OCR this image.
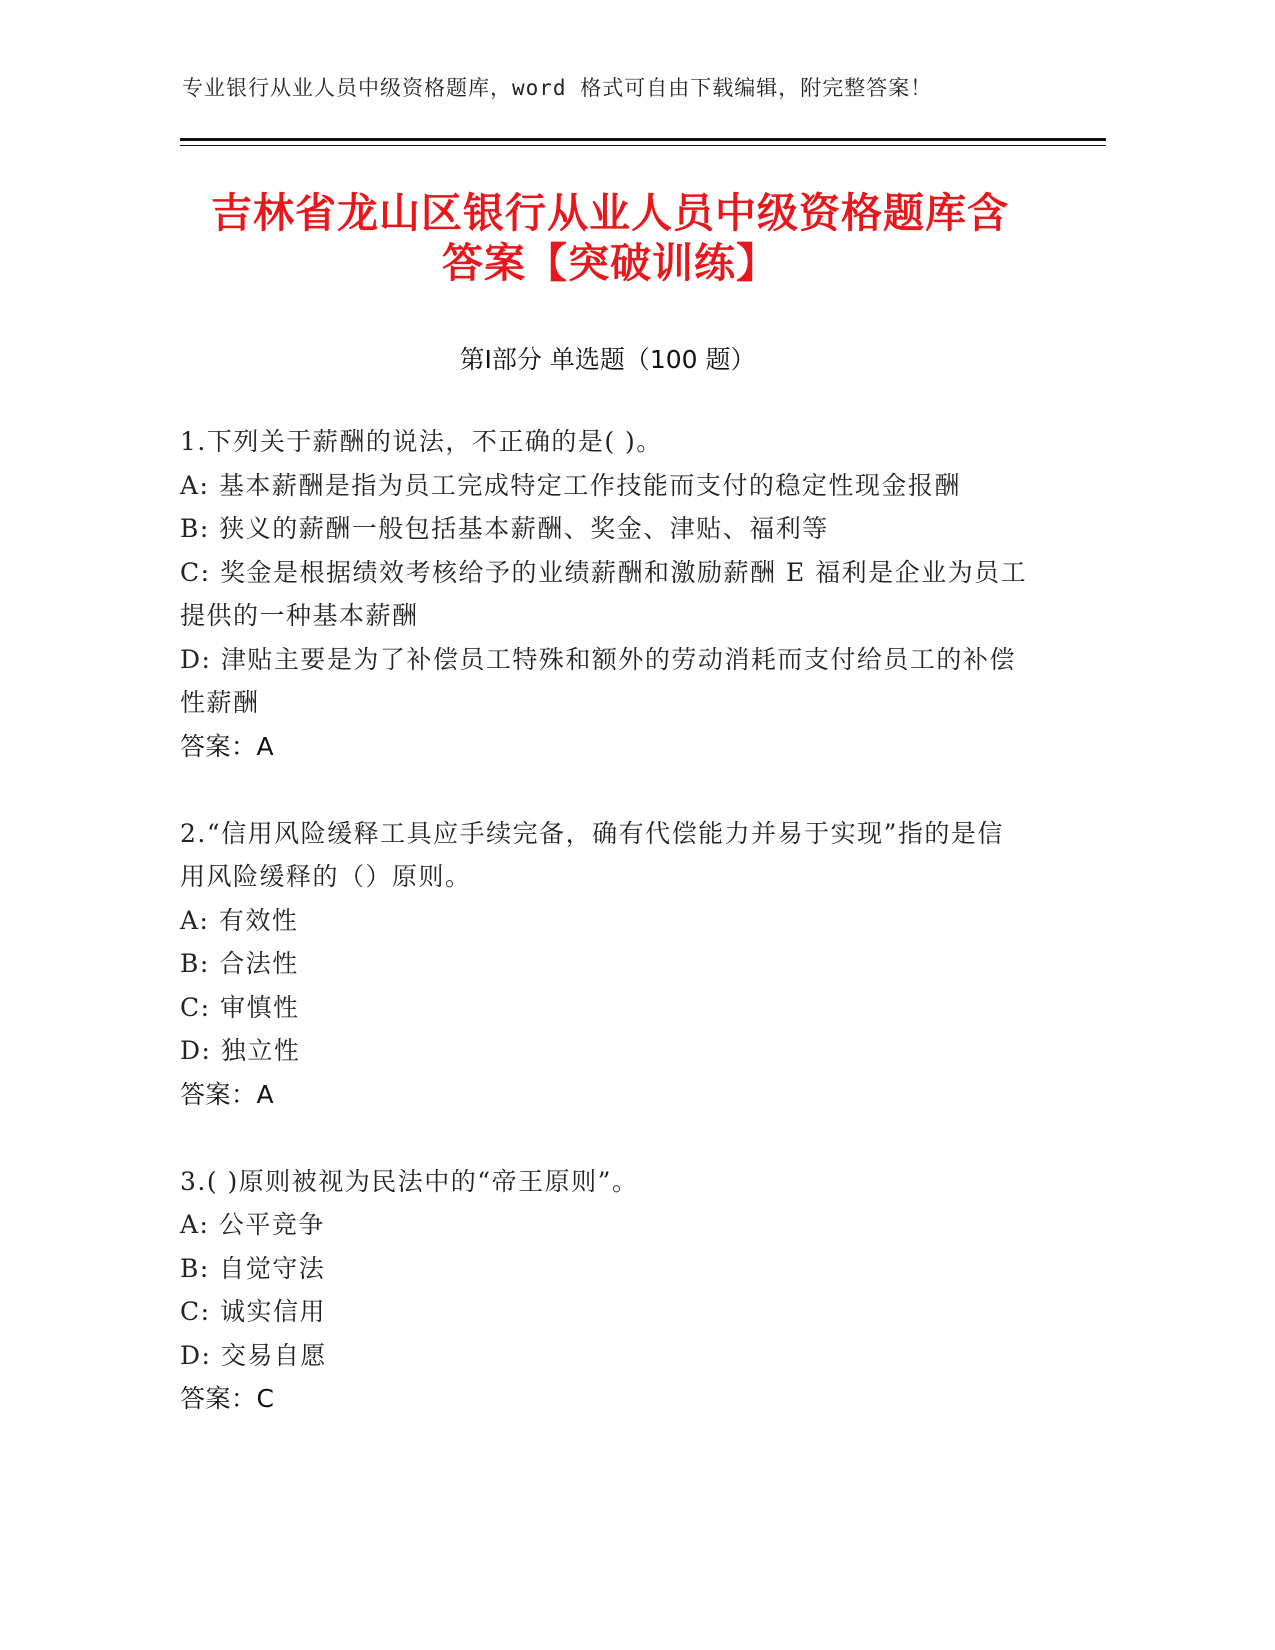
专业银行从业人员中级资格题库，word 格式可自由下载编辑，附完整答案！
吉林省龙山区银行从业人员中级资格题库含
答案【突破训练】
第Ⅰ部分 单选题（100 题）

1.下列关于薪酬的说法，不正确的是( )。

A: 基本薪酬是指为员工完成特定工作技能而支付的稳定性现金报酬

B: 狭义的薪酬一般包括基本薪酬、奖金、津贴、福利等

C: 奖金是根据绩效考核给予的业绩薪酬和激励薪酬 E 福利是企业为员工提供的一种基本薪酬

D: 津贴主要是为了补偿员工特殊和额外的劳动消耗而支付给员工的补偿性薪酬

答案：A

2.“信用风险缓释工具应手续完备，确有代偿能力并易于实现”指的是信用风险缓释的（）原则。

A: 有效性

B: 合法性

C: 审慎性

D: 独立性

答案：A

3.( )原则被视为民法中的“帝王原则”。

A: 公平竞争

B: 自觉守法

C: 诚实信用

D: 交易自愿

答案：C
